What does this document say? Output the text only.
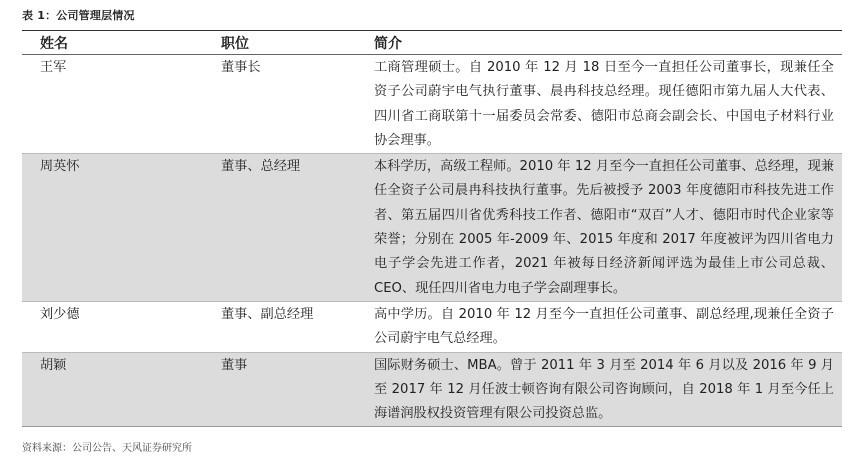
表 1：公司管理层情况
姓名	职位	简介
王军	董事长	工商管理硕士。自 2010 年 12 月 18 日至今一直担任公司董事长，现兼任全资子公司蔚宇电气执行董事、晨冉科技总经理。现任德阳市第九届人大代表、四川省工商联第十一届委员会常委、德阳市总商会副会长、中国电子材料行业协会理事。
周英怀	董事、总经理	本科学历，高级工程师。2010 年 12 月至今一直担任公司董事、总经理，现兼任全资子公司晨冉科技执行董事。先后被授予 2003 年度德阳市科技先进工作者、第五届四川省优秀科技工作者、德阳市“双百”人才、德阳市时代企业家等荣誉；分别在 2005 年-2009 年、2015 年度和 2017 年度被评为四川省电力电子学会先进工作者，2021 年被每日经济新闻评选为最佳上市公司总裁、CEO、现任四川省电力电子学会副理事长。
刘少德	董事、副总经理	高中学历。自 2010 年 12 月至今一直担任公司董事、副总经理,现兼任全资子公司蔚宇电气总经理。
胡颖	董事	国际财务硕士、MBA。曾于 2011 年 3 月至 2014 年 6 月以及 2016 年 9 月至 2017 年 12 月任波士顿咨询有限公司咨询顾问，自 2018 年 1 月至今任上海谱润股权投资管理有限公司投资总监。
资料来源：公司公告、天风证券研究所
